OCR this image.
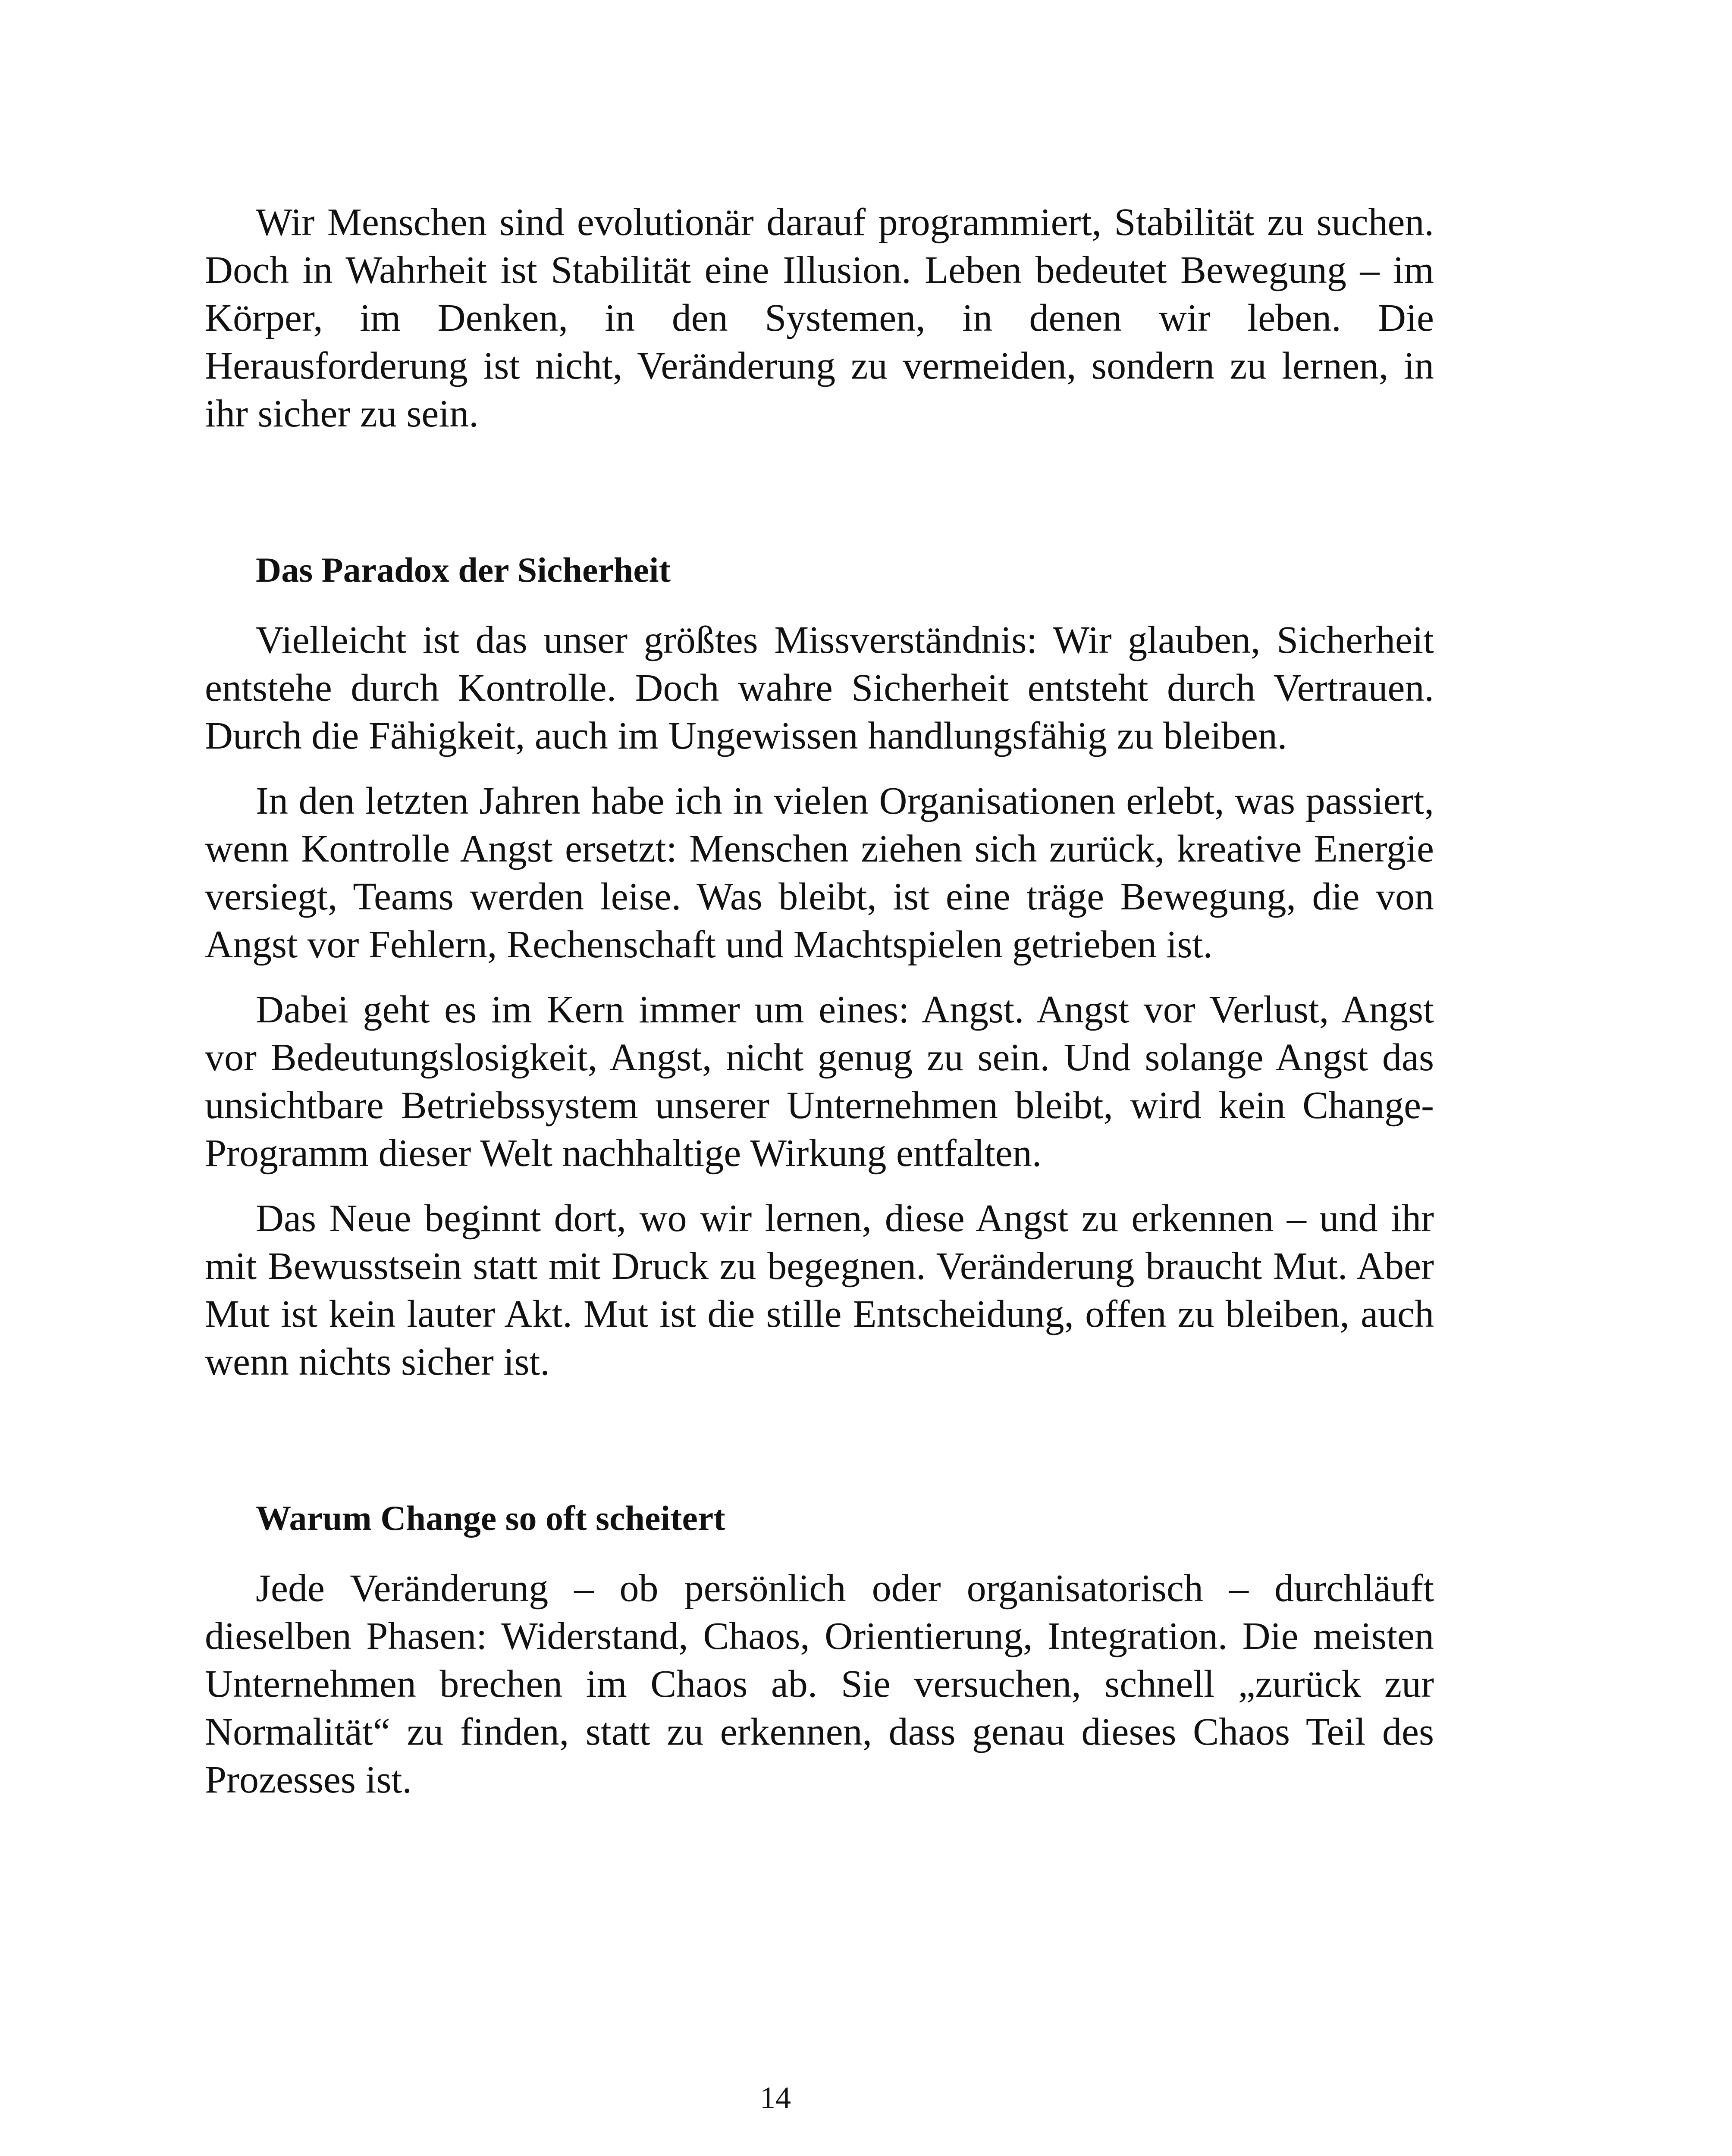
Wir Menschen sind evolutionär darauf programmiert, Stabilität zu suchen. Doch in Wahrheit ist Stabilität eine Illusion. Leben bedeutet Bewegung – im Körper, im Denken, in den Systemen, in denen wir leben. Die Herausforderung ist nicht, Veränderung zu vermeiden, sondern zu lernen, in ihr sicher zu sein.

Das Paradox der Sicherheit

Vielleicht ist das unser größtes Missverständnis: Wir glauben, Sicherheit entstehe durch Kontrolle. Doch wahre Sicherheit entsteht durch Vertrauen. Durch die Fähigkeit, auch im Ungewissen handlungsfähig zu bleiben.

In den letzten Jahren habe ich in vielen Organisationen erlebt, was passiert, wenn Kontrolle Angst ersetzt: Menschen ziehen sich zurück, kreative Energie versiegt, Teams werden leise. Was bleibt, ist eine träge Bewegung, die von Angst vor Fehlern, Rechenschaft und Machtspielen getrieben ist.

Dabei geht es im Kern immer um eines: Angst. Angst vor Verlust, Angst vor Bedeutungslosigkeit, Angst, nicht genug zu sein. Und solange Angst das unsichtbare Betriebssystem unserer Unternehmen bleibt, wird kein Change-Programm dieser Welt nachhaltige Wirkung entfalten.

Das Neue beginnt dort, wo wir lernen, diese Angst zu erkennen – und ihr mit Bewusstsein statt mit Druck zu begegnen. Veränderung braucht Mut. Aber Mut ist kein lauter Akt. Mut ist die stille Entscheidung, offen zu bleiben, auch wenn nichts sicher ist.

Warum Change so oft scheitert

Jede Veränderung – ob persönlich oder organisatorisch – durchläuft dieselben Phasen: Widerstand, Chaos, Orientierung, Integration. Die meisten Unternehmen brechen im Chaos ab. Sie versuchen, schnell „zurück zur Normalität“ zu finden, statt zu erkennen, dass genau dieses Chaos Teil des Prozesses ist.

14
